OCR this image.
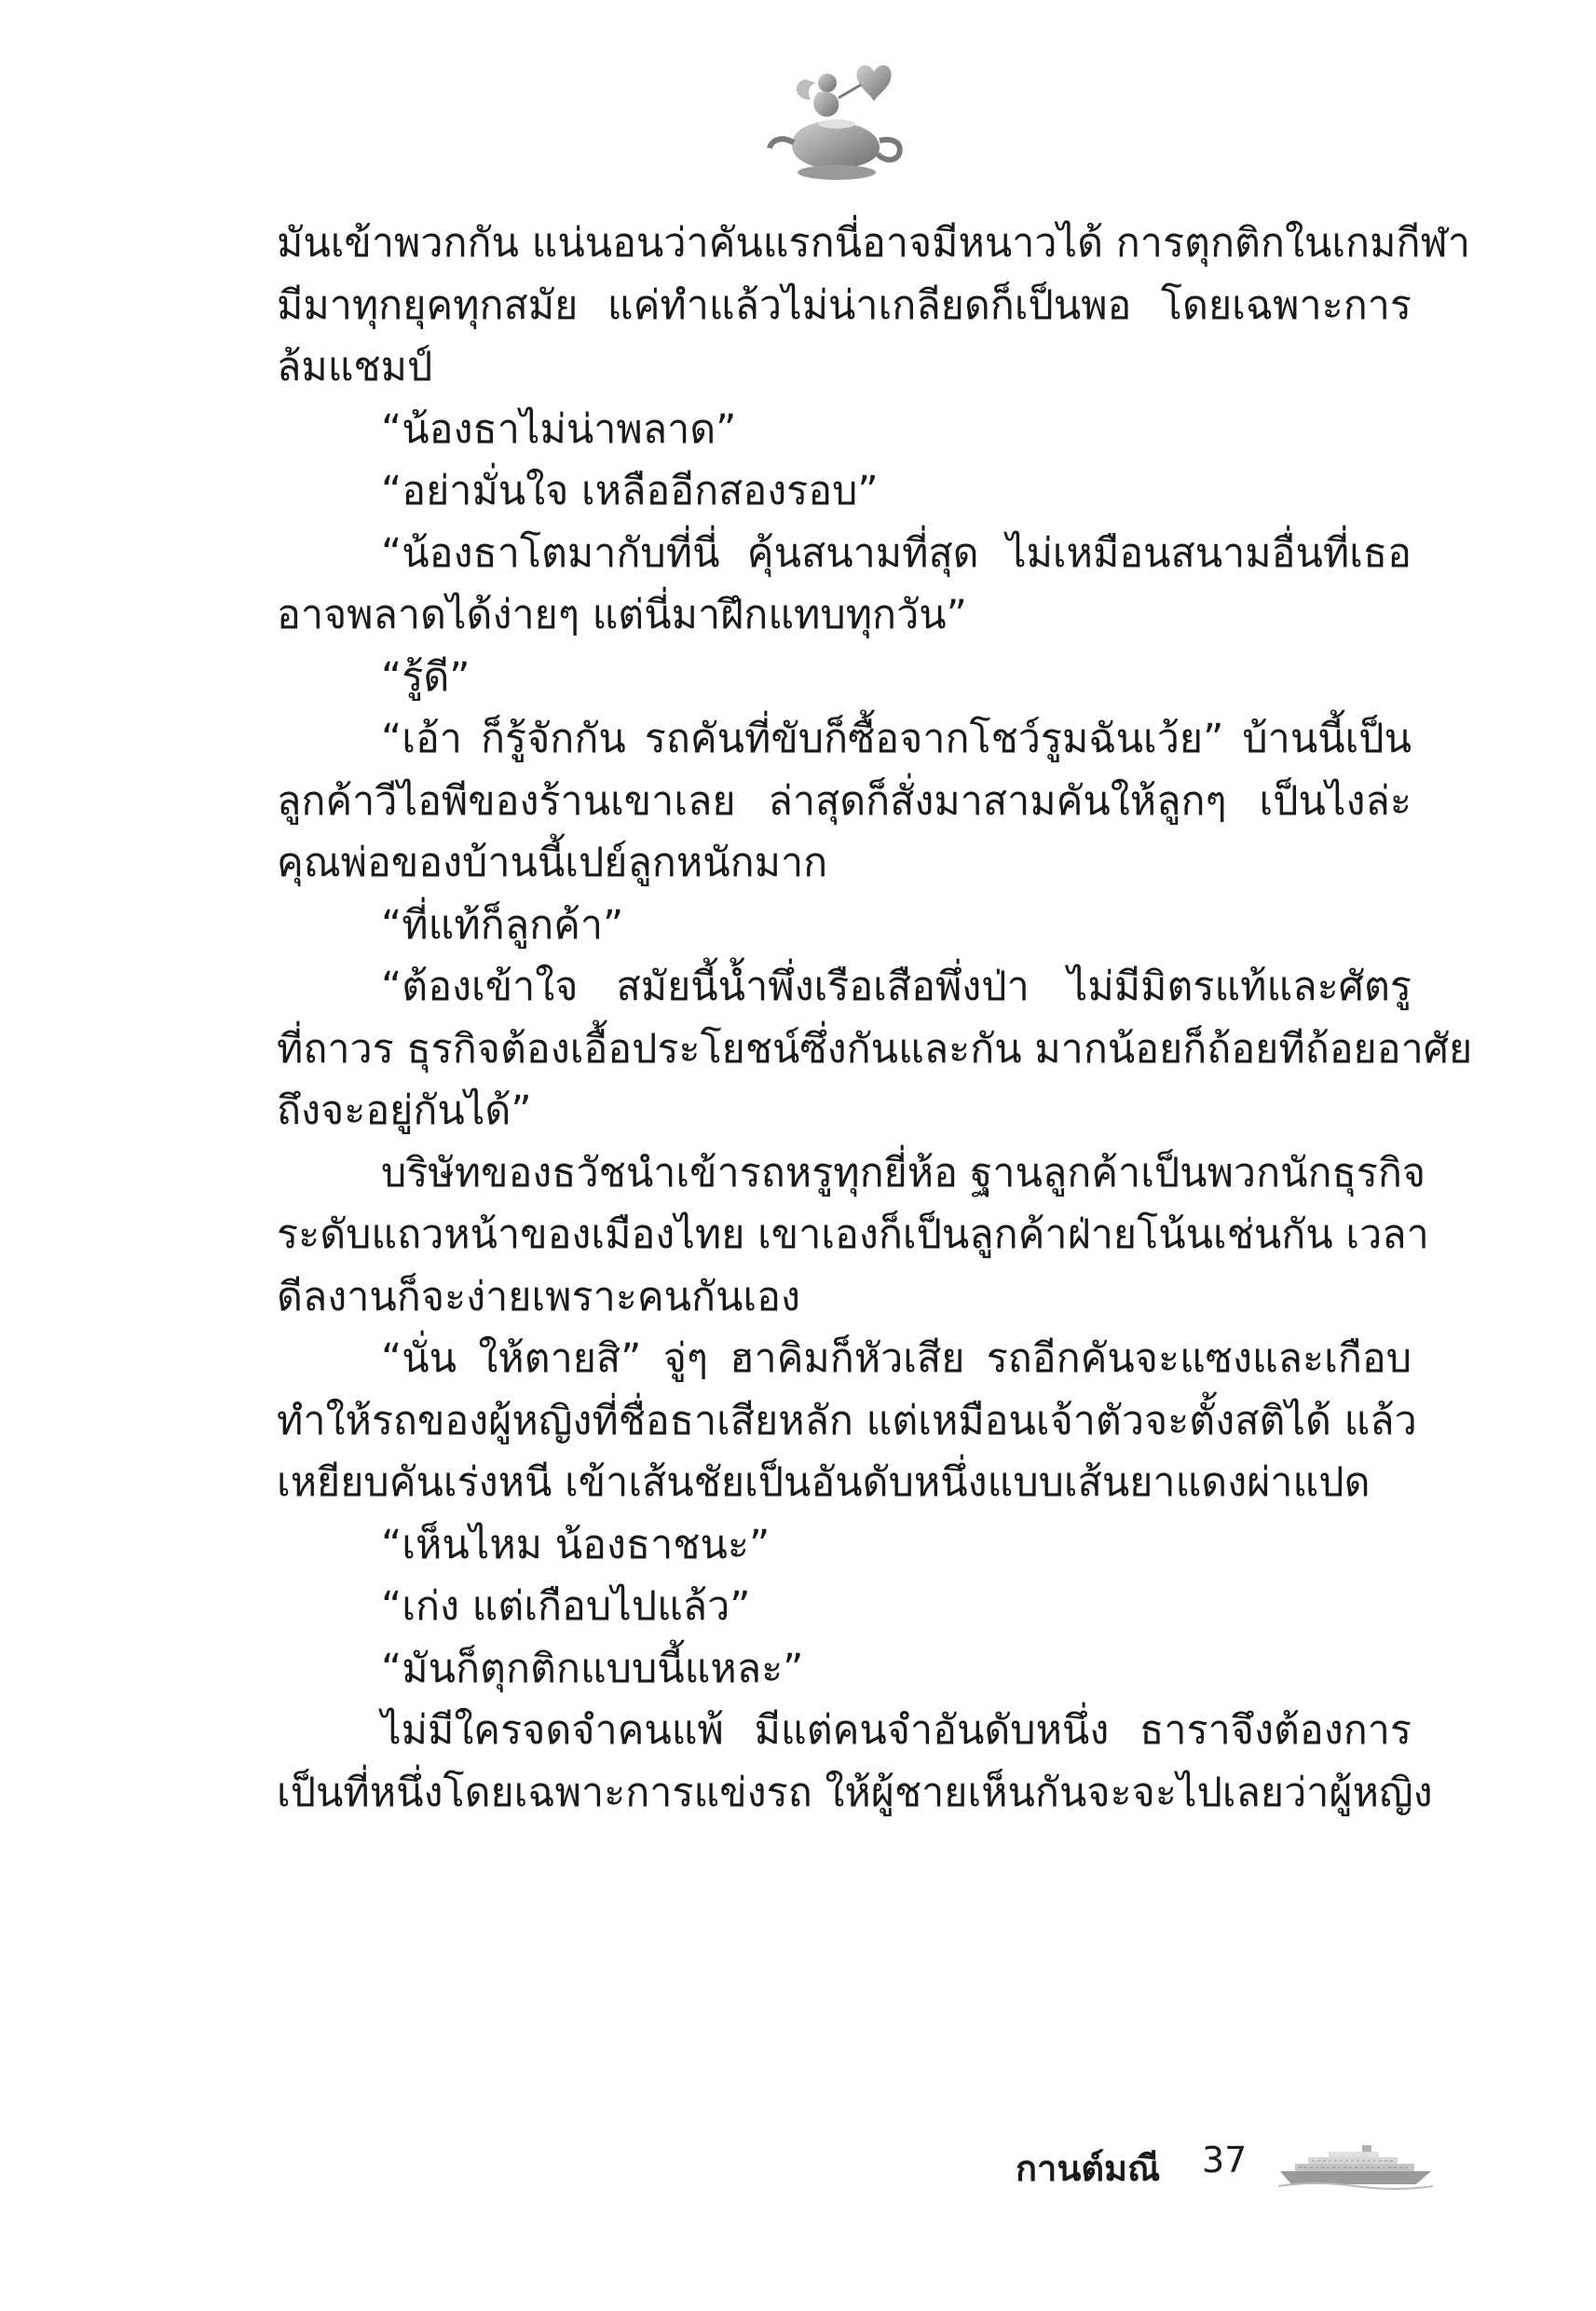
มันเข้าพวกกัน แน่นอนว่าคันแรกนี่อาจมีหนาวได้ การตุกติกในเกมกีฬา
มีมาทุกยุคทุกสมัย แค่ทำแล้วไม่น่าเกลียดก็เป็นพอ โดยเฉพาะการ
ล้มแชมป์
“น้องธาไม่น่าพลาด”
“อย่ามั่นใจ เหลืออีกสองรอบ”
“น้องธาโตมากับที่นี่ คุ้นสนามที่สุด ไม่เหมือนสนามอื่นที่เธอ
อาจพลาดได้ง่ายๆ แต่นี่มาฝึกแทบทุกวัน”
“รู้ดี”
“เอ้า ก็รู้จักกัน รถคันที่ขับก็ซื้อจากโชว์รูมฉันเว้ย” บ้านนี้เป็น
ลูกค้าวีไอพีของร้านเขาเลย ล่าสุดก็สั่งมาสามคันให้ลูกๆ เป็นไงล่ะ
คุณพ่อของบ้านนี้เปย์ลูกหนักมาก
“ที่แท้ก็ลูกค้า”
“ต้องเข้าใจ สมัยนี้น้ำพึ่งเรือเสือพึ่งป่า ไม่มีมิตรแท้และศัตรู
ที่ถาวร ธุรกิจต้องเอื้อประโยชน์ซึ่งกันและกัน มากน้อยก็ถ้อยทีถ้อยอาศัย
ถึงจะอยู่กันได้”
บริษัทของธวัชนำเข้ารถหรูทุกยี่ห้อ ฐานลูกค้าเป็นพวกนักธุรกิจ
ระดับแถวหน้าของเมืองไทย เขาเองก็เป็นลูกค้าฝ่ายโน้นเช่นกัน เวลา
ดีลงานก็จะง่ายเพราะคนกันเอง
“นั่น ให้ตายสิ” จู่ๆ ฮาคิมก็หัวเสีย รถอีกคันจะแซงและเกือบ
ทำให้รถของผู้หญิงที่ชื่อธาเสียหลัก แต่เหมือนเจ้าตัวจะตั้งสติได้ แล้ว
เหยียบคันเร่งหนี เข้าเส้นชัยเป็นอันดับหนึ่งแบบเส้นยาแดงผ่าแปด
“เห็นไหม น้องธาชนะ”
“เก่ง แต่เกือบไปแล้ว”
“มันก็ตุกติกแบบนี้แหละ”
ไม่มีใครจดจำคนแพ้ มีแต่คนจำอันดับหนึ่ง ธาราจึงต้องการ
เป็นที่หนึ่งโดยเฉพาะการแข่งรถ ให้ผู้ชายเห็นกันจะจะไปเลยว่าผู้หญิง
กานต์มณี 37
